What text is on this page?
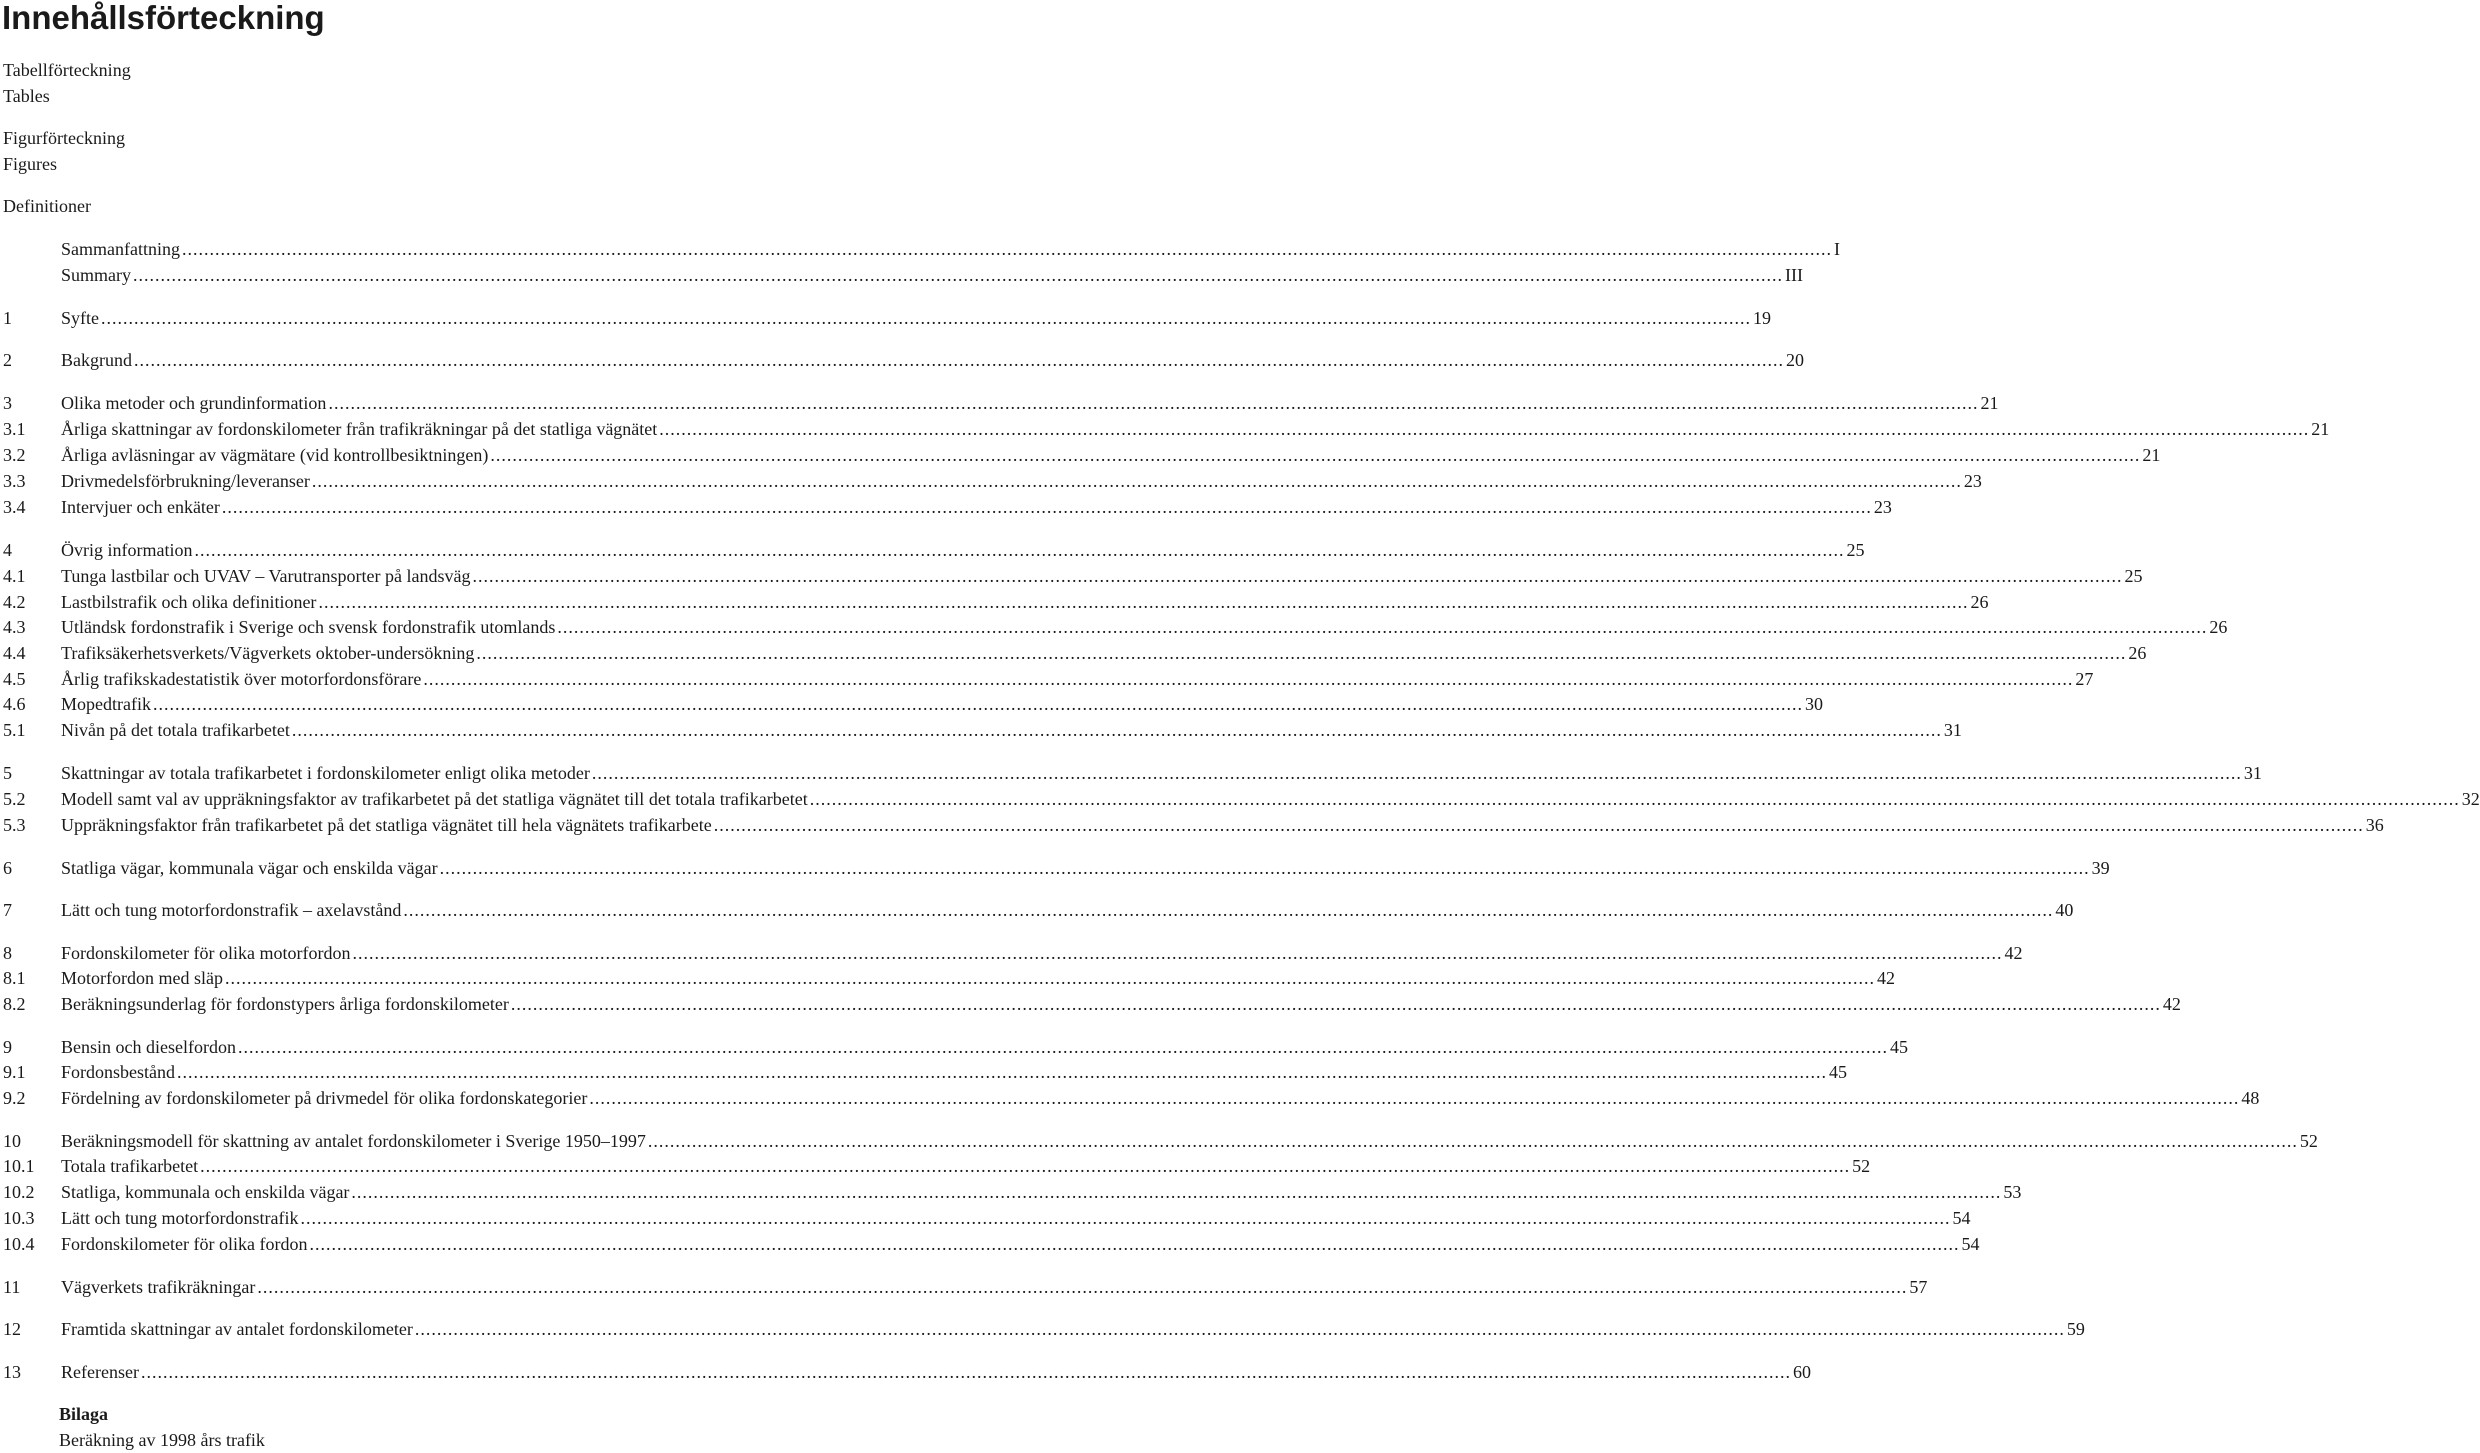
Innehållsförteckning
Tabellförteckning
Tables
Figurförteckning
Figures
Definitioner
Sammanfattning ............................................................................................................................................................................................................................................................................................................ I
Summary ............................................................................................................................................................................................................................................................................................................ III
1	Syfte ............................................................................................................................................................................................................................................................................................................ 19
2	Bakgrund ............................................................................................................................................................................................................................................................................................................ 20
3	Olika metoder och grundinformation ............................................................................................................................................................................................................................................................................................................ 21
3.1	Årliga skattningar av fordonskilometer från trafikräkningar på det statliga vägnätet ............................................................................................................................................................................................................................................................................................................ 21
3.2	Årliga avläsningar av vägmätare (vid kontrollbesiktningen) ............................................................................................................................................................................................................................................................................................................ 21
3.3	Drivmedelsförbrukning/leveranser ............................................................................................................................................................................................................................................................................................................ 23
3.4	Intervjuer och enkäter ............................................................................................................................................................................................................................................................................................................ 23
4	Övrig information ............................................................................................................................................................................................................................................................................................................ 25
4.1	Tunga lastbilar och UVAV – Varutransporter på landsväg ............................................................................................................................................................................................................................................................................................................ 25
4.2	Lastbilstrafik och olika definitioner ............................................................................................................................................................................................................................................................................................................ 26
4.3	Utländsk fordonstrafik i Sverige och svensk fordonstrafik utomlands ............................................................................................................................................................................................................................................................................................................ 26
4.4	Trafiksäkerhetsverkets/Vägverkets oktober-undersökning ............................................................................................................................................................................................................................................................................................................ 26
4.5	Årlig trafikskadestatistik över motorfordonsförare ............................................................................................................................................................................................................................................................................................................ 27
4.6	Mopedtrafik ............................................................................................................................................................................................................................................................................................................ 30
5.1	Nivån på det totala trafikarbetet ............................................................................................................................................................................................................................................................................................................ 31
5	Skattningar av totala trafikarbetet i fordonskilometer enligt olika metoder ............................................................................................................................................................................................................................................................................................................ 31
5.2	Modell samt val av uppräkningsfaktor av trafikarbetet på det statliga vägnätet till det totala trafikarbetet ............................................................................................................................................................................................................................................................................................................ 32
5.3	Uppräkningsfaktor från trafikarbetet på det statliga vägnätet till hela vägnätets trafikarbete ............................................................................................................................................................................................................................................................................................................ 36
6	Statliga vägar, kommunala vägar och enskilda vägar ............................................................................................................................................................................................................................................................................................................ 39
7	Lätt och tung motorfordonstrafik – axelavstånd ............................................................................................................................................................................................................................................................................................................ 40
8	Fordonskilometer för olika motorfordon ............................................................................................................................................................................................................................................................................................................ 42
8.1	Motorfordon med släp ............................................................................................................................................................................................................................................................................................................ 42
8.2	Beräkningsunderlag för fordonstypers årliga fordonskilometer ............................................................................................................................................................................................................................................................................................................ 42
9	Bensin och dieselfordon ............................................................................................................................................................................................................................................................................................................ 45
9.1	Fordonsbestånd ............................................................................................................................................................................................................................................................................................................ 45
9.2	Fördelning av fordonskilometer på drivmedel för olika fordonskategorier ............................................................................................................................................................................................................................................................................................................ 48
10	Beräkningsmodell för skattning av antalet fordonskilometer i Sverige 1950–1997 ............................................................................................................................................................................................................................................................................................................ 52
10.1	Totala trafikarbetet ............................................................................................................................................................................................................................................................................................................ 52
10.2	Statliga, kommunala och enskilda vägar ............................................................................................................................................................................................................................................................................................................ 53
10.3	Lätt och tung motorfordonstrafik ............................................................................................................................................................................................................................................................................................................ 54
10.4	Fordonskilometer för olika fordon ............................................................................................................................................................................................................................................................................................................ 54
11	Vägverkets trafikräkningar ............................................................................................................................................................................................................................................................................................................ 57
12	Framtida skattningar av antalet fordonskilometer ............................................................................................................................................................................................................................................................................................................ 59
13	Referenser ............................................................................................................................................................................................................................................................................................................ 60
Bilaga
Beräkning av 1998 års trafik
